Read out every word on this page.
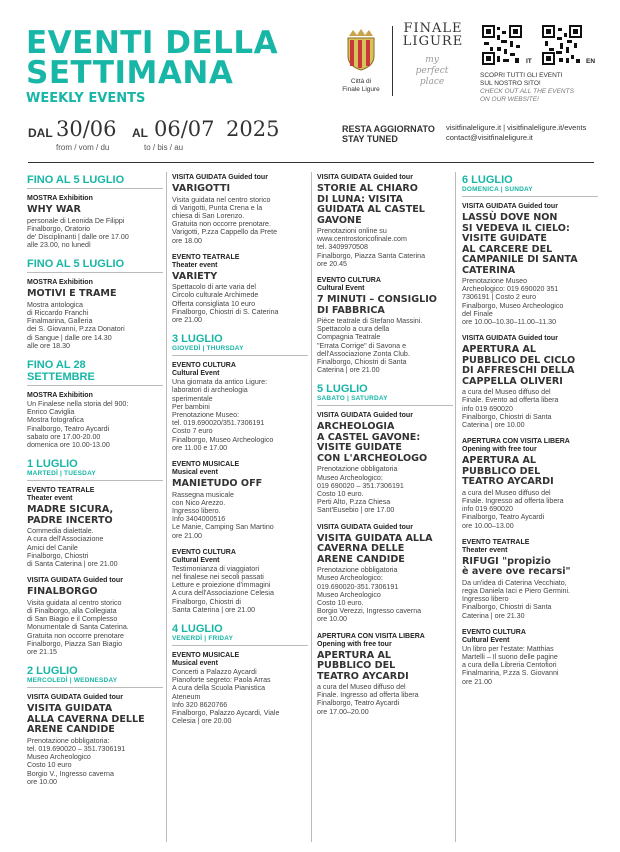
EVENTI DELLA
SETTIMANA
WEEKLY EVENTS
DAL 30/06 AL 06/07 2025
from / vom / du	to / bis / au
Città di
Finale Ligure
FINALE
LIGURE
my
perfect
place
IT	EN
SCOPRI TUTTI GLI EVENTI
SUL NOSTRO SITO!
CHECK OUT ALL THE EVENTS
ON OUR WEBSITE!
RESTA AGGIORNATO
STAY TUNED
visitfinaleligure.it | visitfinaleligure.it/events
contact@visitfinaleligure.it
FINO AL 5 LUGLIO
MOSTRA Exhibition
WHY WAR
personale di Leonida De Filippi
Finalborgo, Oratorio
de' Disciplinanti | dalle ore 17.00
alle 23.00, no lunedì
FINO AL 5 LUGLIO
MOSTRA Exhibition
MOTIVI E TRAME
Mostra antologica
di Riccardo Franchi
Finalmarina, Galleria
dei S. Giovanni, P.zza Donatori
di Sangue | dalle ore 14.30
alle ore 18.30
FINO AL 28
SETTEMBRE
MOSTRA Exhibition
Un Finalese nella storia del 900:
Enrico Caviglia
Mostra fotografica
Finalborgo, Teatro Aycardi
sabato ore 17.00-20.00
domenica ore 10.00-13.00
1 LUGLIO
MARTEDÌ | TUESDAY
EVENTO TEATRALE
Theater event
MADRE SICURA,
PADRE INCERTO
Commedia dialettale.
A cura dell'Associazione
Amici del Canile
Finalborgo, Chiostri
di Santa Caterina | ore 21.00
VISITA GUIDATA Guided tour
FINALBORGO
Visita guidata al centro storico
di Finalborgo, alla Collegiata
di San Biagio e il Complesso
Monumentale di Santa Caterina.
Gratuita non occorre prenotare
Finalborgo, Piazza San Biagio
ore 21.15
2 LUGLIO
MERCOLEDÌ | WEDNESDAY
VISITA GUIDATA Guided tour
VISITA GUIDATA
ALLA CAVERNA DELLE
ARENE CANDIDE
Prenotazione obbligatoria:
tel. 019.690020 – 351.7306191
Museo Archeologico
Costo 10 euro
Borgio V., Ingresso caverna
ore 10.00
VISITA GUIDATA Guided tour
VARIGOTTI
Visita guidata nel centro storico
di Varigotti, Punta Crena e la
chiesa di San Lorenzo.
Gratuita non occorre prenotare.
Varigotti, P.zza Cappello da Prete
ore 18.00
EVENTO TEATRALE
Theater event
VARIETY
Spettacolo di arte varia del
Circolo culturale Archimede
Offerta consigliata 10 euro
Finalborgo, Chiostri di S. Caterina
ore 21.00
3 LUGLIO
GIOVEDÌ | THURSDAY
EVENTO CULTURA
Cultural Event
Una giornata da antico Ligure:
laboratori di archeologia
sperimentale
Per bambini
Prenotazione Museo:
tel. 019.690020/351.7306191
Costo 7 euro
Finalborgo, Museo Archeologico
ore 11.00 e 17.00
EVENTO MUSICALE
Musical event
MANIETUDO OFF
Rassegna musicale
con Nico Arezzo.
Ingresso libero.
Info 3404000516
Le Manie, Camping San Martino
ore 21.00
EVENTO CULTURA
Cultural Event
Testimonianza di viaggiatori
nel finalese nei secoli passati
Letture e proiezione d'immagini
A cura dell'Associazione Celesia
Finalborgo, Chiostri di
Santa Caterina | ore 21.00
4 LUGLIO
VENERDÌ | FRIDAY
EVENTO MUSICALE
Musical event
Concerti a Palazzo Aycardi
Pianoforte segreto: Paola Arras
A cura della Scuola Pianistica
Ateneum
Info 320 8620766
Finalborgo, Palazzo Aycardi, Viale
Celesia | ore 20.00
VISITA GUIDATA Guided tour
STORIE AL CHIARO
DI LUNA: VISITA
GUIDATA AL CASTEL
GAVONE
Prenotazioni online su
www.centrostoricofinale.com
tel. 3409970508
Finalborgo, Piazza Santa Caterina
ore 20.45
EVENTO CULTURA
Cultural Event
7 MINUTI – CONSIGLIO
DI FABBRICA
Pièce teatrale di Stefano Massini.
Spettacolo a cura della
Compagnia Teatrale
"Errata Corrige" di Savona e
dell'Associazione Zonta Club.
Finalborgo, Chiostri di Santa
Caterina | ore 21.00
5 LUGLIO
SABATO | SATURDAY
VISITA GUIDATA Guided tour
ARCHEOLOGIA
A CASTEL GAVONE:
VISITE GUIDATE
CON L'ARCHEOLOGO
Prenotazione obbligatoria
Museo Archeologico:
019 690020 – 351.7306191
Costo 10 euro.
Perti Alto, P.zza Chiesa
Sant'Eusebio | ore 17.00
VISITA GUIDATA Guided tour
VISITA GUIDATA ALLA
CAVERNA DELLE
ARENE CANDIDE
Prenotazione obbligatoria
Museo Archeologico:
019.690020-351.7306191
Museo Archeologico
Costo 10 euro.
Borgio Verezzi, Ingresso caverna
ore 10.00
APERTURA CON VISITA LIBERA
Opening with free tour
APERTURA AL
PUBBLICO DEL
TEATRO AYCARDI
a cura del Museo diffuso del
Finale. Ingresso ad offerta libera
Finalborgo, Teatro Aycardi
ore 17.00–20.00
6 LUGLIO
DOMENICA | SUNDAY
VISITA GUIDATA Guided tour
LASSÙ DOVE NON
SI VEDEVA IL CIELO:
VISITE GUIDATE
AL CARCERE DEL
CAMPANILE DI SANTA
CATERINA
Prenotazione Museo
Archeologico: 019 690020 351
7306191 | Costo 2 euro
Finalborgo, Museo Archeologico
del Finale
ore 10.00–10.30–11.00–11.30
VISITA GUIDATA Guided tour
APERTURA AL
PUBBLICO DEL CICLO
DI AFFRESCHI DELLA
CAPPELLA OLIVERI
a cura del Museo diffuso del
Finale. Evento ad offerta libera
info 019 690020
Finalborgo, Chiostri di Santa
Caterina | ore 10.00
APERTURA CON VISITA LIBERA
Opening with free tour
APERTURA AL
PUBBLICO DEL
TEATRO AYCARDI
a cura del Museo diffuso del
Finale. Ingresso ad offerta libera
info 019 690020
Finalborgo, Teatro Aycardi
ore 10.00–13.00
EVENTO TEATRALE
Theater event
RIFUGI "propizio
è avere ove recarsi"
Da un'idea di Caterina Vecchiato,
regia Daniela Iaci e Piero Germini.
Ingresso libero
Finalborgo, Chiostri di Santa
Caterina | ore 21.30
EVENTO CULTURA
Cultural Event
Un libro per l'estate: Matthias
Martelli – Il suono delle pagine
a cura della Libreria Centofiori
Finalmarina, P.zza S. Giovanni
ore 21.00
